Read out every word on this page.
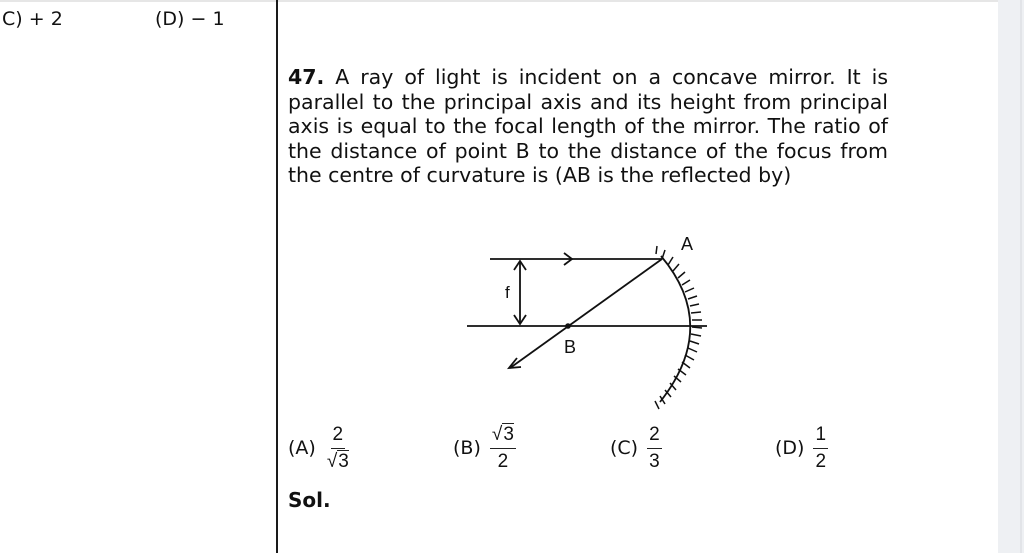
C) + 2	(D) − 1
47. A ray of light is incident on a concave mirror. It is parallel to the principal axis and its height from principal axis is equal to the focal length of the mirror. The ratio of the distance of point B to the distance of the focus from the centre of curvature is (AB is the reflected by)
A
B
f
$(A) \frac{2}{√3}$	$(B) \frac{√3}{2}$	$(C) \frac{2}{3}$	$(D) \frac{1}{2}$
Sol.
